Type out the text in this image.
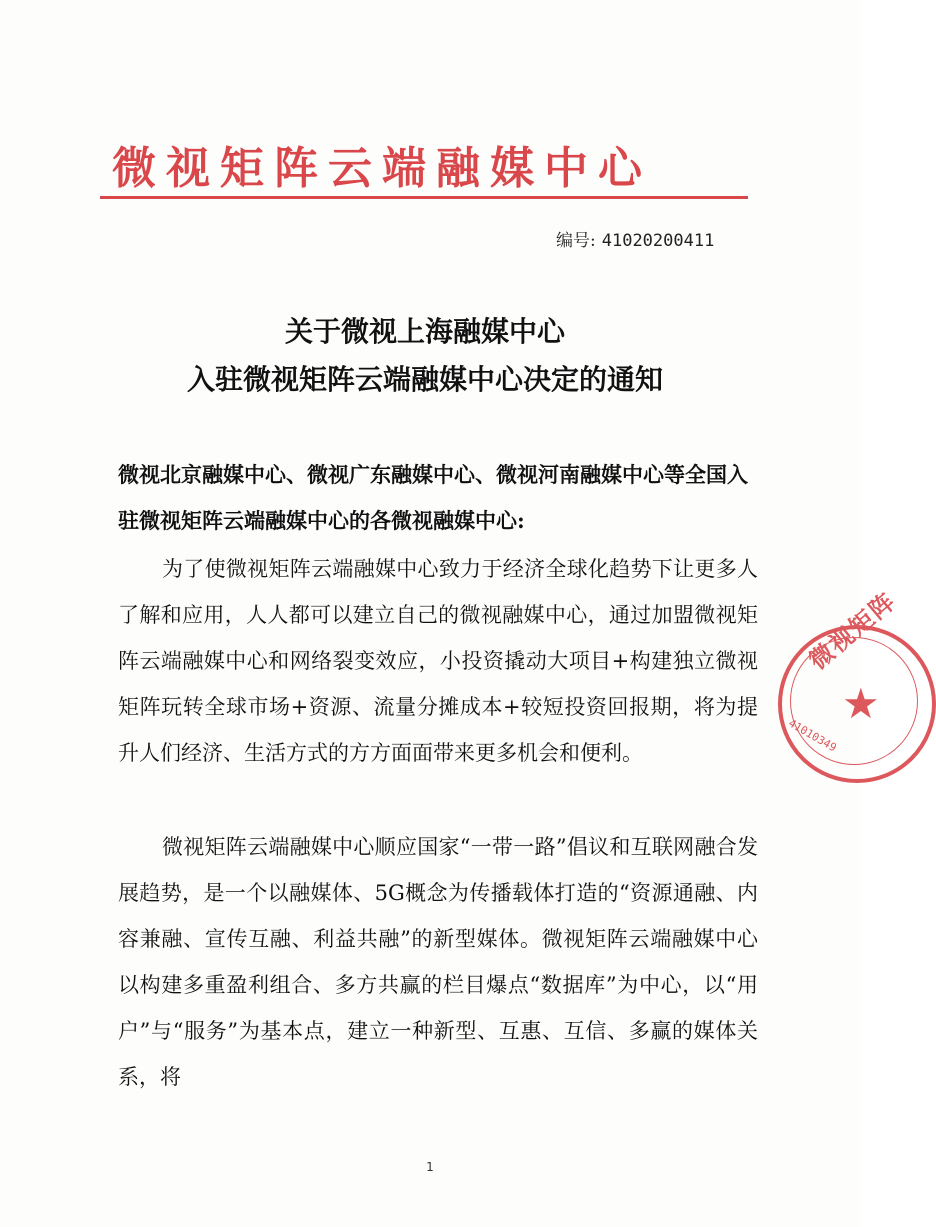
微视矩阵云端融媒中心
编号: 41020200411
关于微视上海融媒中心
入驻微视矩阵云端融媒中心决定的通知
微视北京融媒中心、微视广东融媒中心、微视河南融媒中心等全国入驻微视矩阵云端融媒中心的各微视融媒中心:
为了使微视矩阵云端融媒中心致力于经济全球化趋势下让更多人了解和应用，人人都可以建立自己的微视融媒中心，通过加盟微视矩阵云端融媒中心和网络裂变效应，小投资撬动大项目+构建独立微视矩阵玩转全球市场+资源、流量分摊成本+较短投资回报期，将为提升人们经济、生活方式的方方面面带来更多机会和便利。
微视矩阵云端融媒中心顺应国家“一带一路”倡议和互联网融合发展趋势，是一个以融媒体、5G概念为传播载体打造的“资源通融、内容兼融、宣传互融、利益共融”的新型媒体。微视矩阵云端融媒中心以构建多重盈利组合、多方共赢的栏目爆点“数据库”为中心，以“用户”与“服务”为基本点，建立一种新型、互惠、互信、多赢的媒体关系，将
微视矩阵
★
41010349
1
